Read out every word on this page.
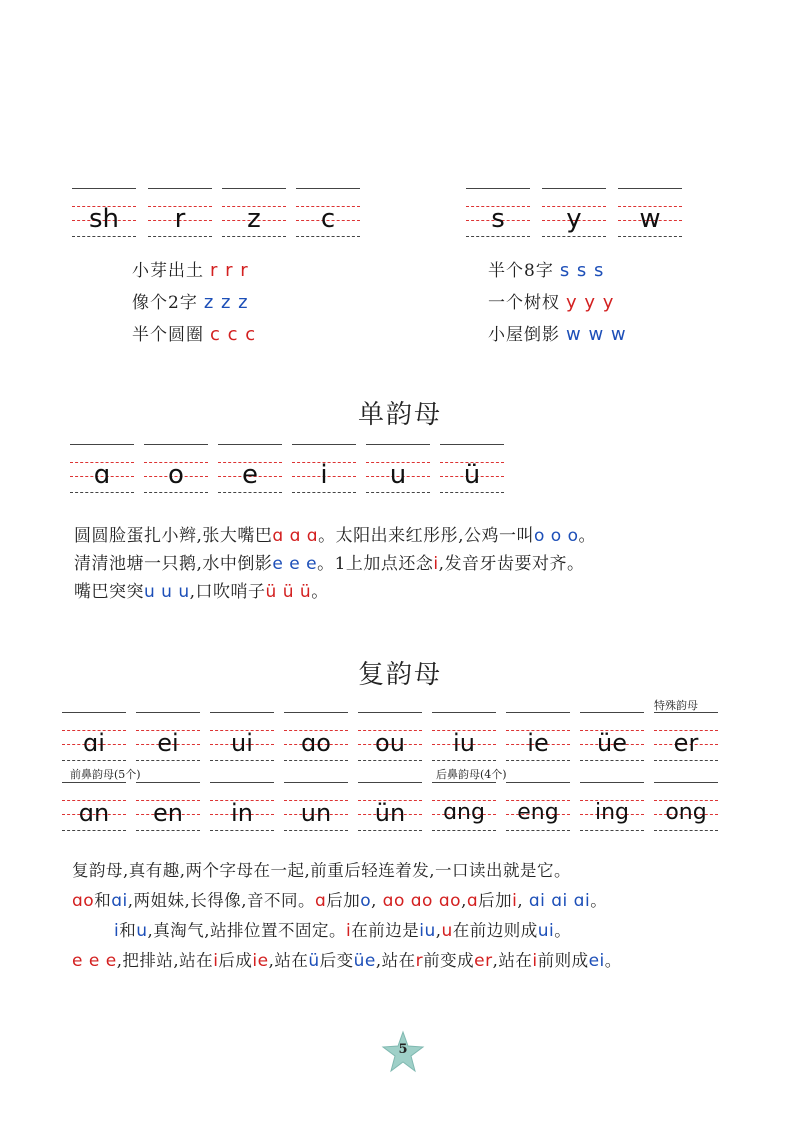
sh	r	z	c	s	y	w
小芽出土 r r r
像个2字 z z z
半个圆圈 c c c
半个8字 s s s
一个树杈 y y y
小屋倒影 w w w
单韵母
ɑ	o	e	i	u	ü
圆圆脸蛋扎小辫,张大嘴巴ɑ ɑ ɑ。太阳出来红彤彤,公鸡一叫o o o。
清清池塘一只鹅,水中倒影e e e。1上加点还念i,发音牙齿要对齐。
嘴巴突突u u u,口吹哨子ü ü ü。
复韵母
特殊韵母
ɑi	ei	ui	ɑo	ou	iu	ie	üe	er
前鼻韵母(5个)	后鼻韵母(4个)
ɑn	en	in	un	ün	ɑng	eng	ing	ong
复韵母,真有趣,两个字母在一起,前重后轻连着发,一口读出就是它。
ɑo和ɑi,两姐妹,长得像,音不同。ɑ后加o, ɑo ɑo ɑo,ɑ后加i, ɑi ɑi ɑi。
i和u,真淘气,站排位置不固定。i在前边是iu,u在前边则成ui。
e e e,把排站,站在i后成ie,站在ü后变üe,站在r前变成er,站在i前则成ei。
5
